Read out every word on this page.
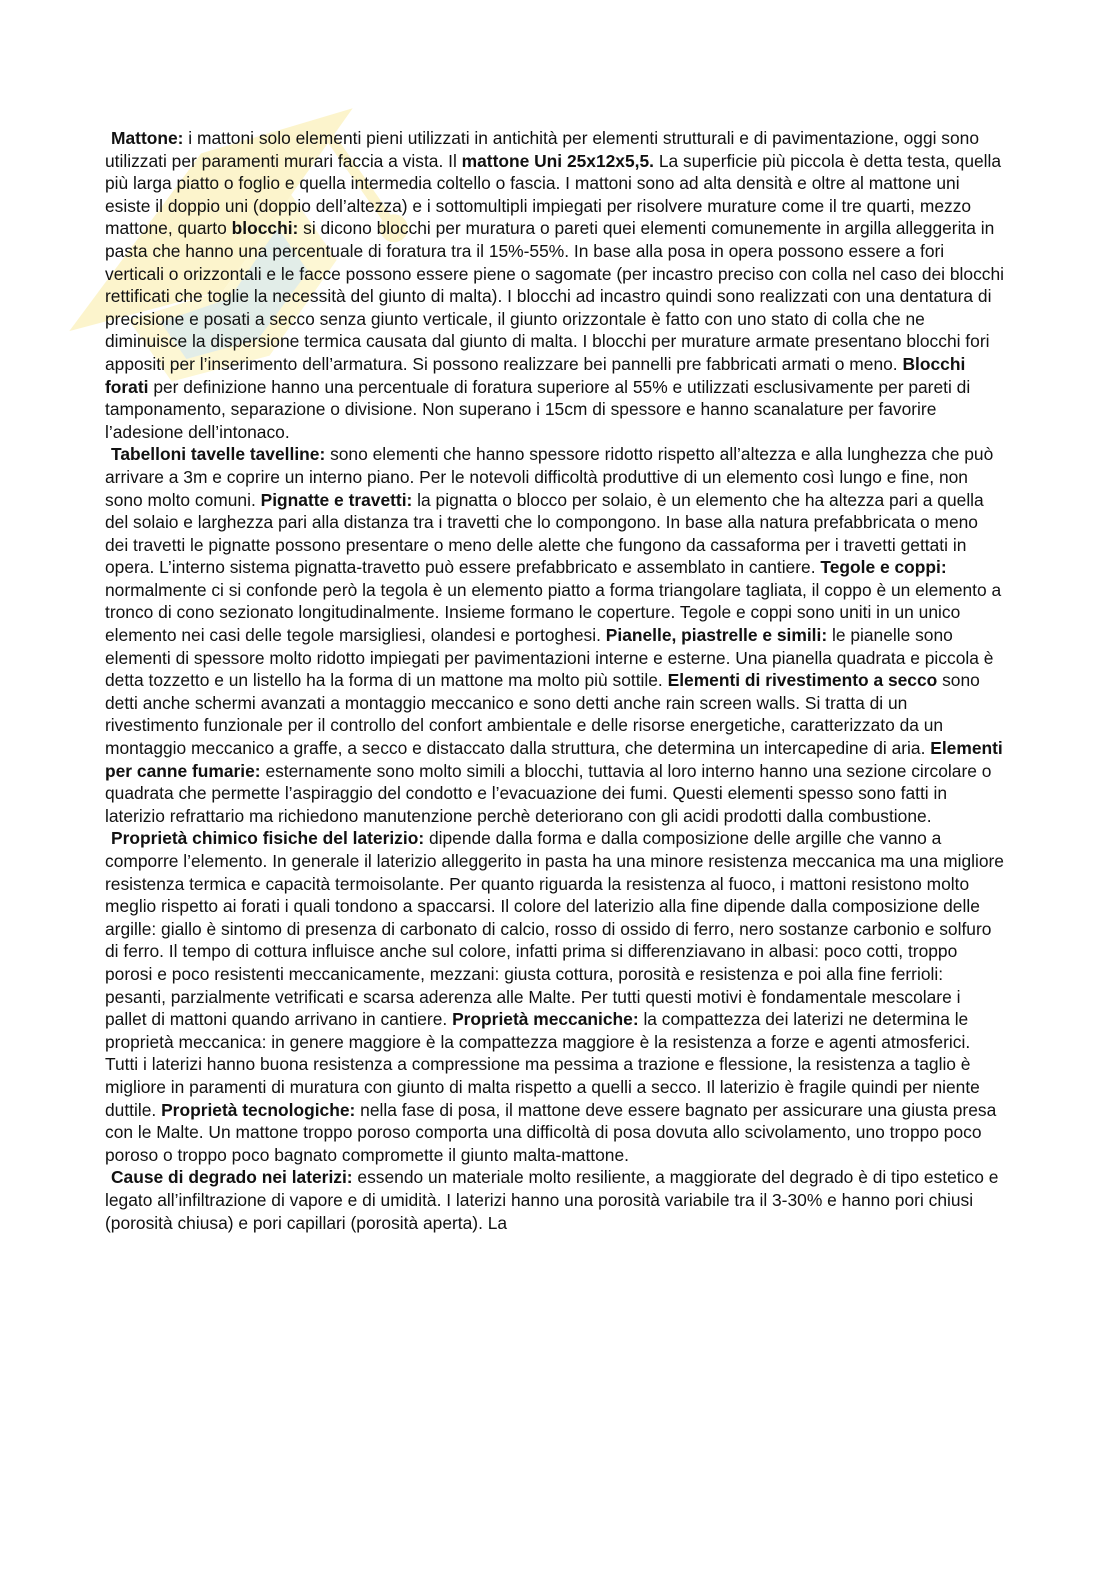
Mattone: i mattoni solo elementi pieni utilizzati in antichità per elementi strutturali e di pavimentazione, oggi sono utilizzati per paramenti murari faccia a vista. Il mattone Uni 25x12x5,5. La superficie più piccola è detta testa, quella più larga piatto o foglio e quella intermedia coltello o fascia. I mattoni sono ad alta densità e oltre al mattone uni esiste il doppio uni (doppio dell’altezza) e i sottomultipli impiegati per risolvere murature come il tre quarti, mezzo mattone, quarto blocchi: si dicono blocchi per muratura o pareti quei elementi comunemente in argilla alleggerita in pasta che hanno una percentuale di foratura tra il 15%-55%. In base alla posa in opera possono essere a fori verticali o orizzontali e le facce possono essere piene o sagomate (per incastro preciso con colla nel caso dei blocchi rettificati che toglie la necessità del giunto di malta). I blocchi ad incastro quindi sono realizzati con una dentatura di precisione e posati a secco senza giunto verticale, il giunto orizzontale è fatto con uno stato di colla che ne diminuisce la dispersione termica causata dal giunto di malta. I blocchi per murature armate presentano blocchi fori appositi per l’inserimento dell’armatura. Si possono realizzare bei pannelli pre fabbricati armati o meno. Blocchi forati per definizione hanno una percentuale di foratura superiore al 55% e utilizzati esclusivamente per pareti di tamponamento, separazione o divisione. Non superano i 15cm di spessore e hanno scanalature per favorire l’adesione dell’intonaco.

Tabelloni tavelle tavelline: sono elementi che hanno spessore ridotto rispetto all’altezza e alla lunghezza che può arrivare a 3m e coprire un interno piano. Per le notevoli difficoltà produttive di un elemento così lungo e fine, non sono molto comuni. Pignatte e travetti: la pignatta o blocco per solaio, è un elemento che ha altezza pari a quella del solaio e larghezza pari alla distanza tra i travetti che lo compongono. In base alla natura prefabbricata o meno dei travetti le pignatte possono presentare o meno delle alette che fungono da cassaforma per i travetti gettati in opera. L’interno sistema pignatta-travetto può essere prefabbricato e assemblato in cantiere. Tegole e coppi: normalmente ci si confonde però la tegola è un elemento piatto a forma triangolare tagliata, il coppo è un elemento a tronco di cono sezionato longitudinalmente. Insieme formano le coperture. Tegole e coppi sono uniti in un unico elemento nei casi delle tegole marsigliesi, olandesi e portoghesi. Pianelle, piastrelle e simili: le pianelle sono elementi di spessore molto ridotto impiegati per pavimentazioni interne e esterne. Una pianella quadrata e piccola è detta tozzetto e un listello ha la forma di un mattone ma molto più sottile. Elementi di rivestimento a secco sono detti anche schermi avanzati a montaggio meccanico e sono detti anche rain screen walls. Si tratta di un rivestimento funzionale per il controllo del confort ambientale e delle risorse energetiche, caratterizzato da un montaggio meccanico a graffe, a secco e distaccato dalla struttura, che determina un intercapedine di aria. Elementi per canne fumarie: esternamente sono molto simili a blocchi, tuttavia al loro interno hanno una sezione circolare o quadrata che permette l’aspiraggio del condotto e l’evacuazione dei fumi. Questi elementi spesso sono fatti in laterizio refrattario ma richiedono manutenzione perchè deteriorano con gli acidi prodotti dalla combustione.

Proprietà chimico fisiche del laterizio: dipende dalla forma e dalla composizione delle argille che vanno a comporre l’elemento. In generale il laterizio alleggerito in pasta ha una minore resistenza meccanica ma una migliore resistenza termica e capacità termoisolante. Per quanto riguarda la resistenza al fuoco, i mattoni resistono molto meglio rispetto ai forati i quali tondono a spaccarsi. Il colore del laterizio alla fine dipende dalla composizione delle argille: giallo è sintomo di presenza di carbonato di calcio, rosso di ossido di ferro, nero sostanze carbonio e solfuro di ferro. Il tempo di cottura influisce anche sul colore, infatti prima si differenziavano in albasi: poco cotti, troppo porosi e poco resistenti meccanicamente, mezzani: giusta cottura, porosità e resistenza e poi alla fine ferrioli: pesanti, parzialmente vetrificati e scarsa aderenza alle Malte. Per tutti questi motivi è fondamentale mescolare i pallet di mattoni quando arrivano in cantiere. Proprietà meccaniche: la compattezza dei laterizi ne determina le proprietà meccanica: in genere maggiore è la compattezza maggiore è la resistenza a forze e agenti atmosferici. Tutti i laterizi hanno buona resistenza a compressione ma pessima a trazione e flessione, la resistenza a taglio è migliore in paramenti di muratura con giunto di malta rispetto a quelli a secco. Il laterizio è fragile quindi per niente duttile. Proprietà tecnologiche: nella fase di posa, il mattone deve essere bagnato per assicurare una giusta presa con le Malte. Un mattone troppo poroso comporta una difficoltà di posa dovuta allo scivolamento, uno troppo poco poroso o troppo poco bagnato compromette il giunto malta-mattone.

Cause di degrado nei laterizi: essendo un materiale molto resiliente, a maggiorate del degrado è di tipo estetico e legato all’infiltrazione di vapore e di umidità. I laterizi hanno una porosità variabile tra il 3-30% e hanno pori chiusi (porosità chiusa) e pori capillari (porosità aperta). La
